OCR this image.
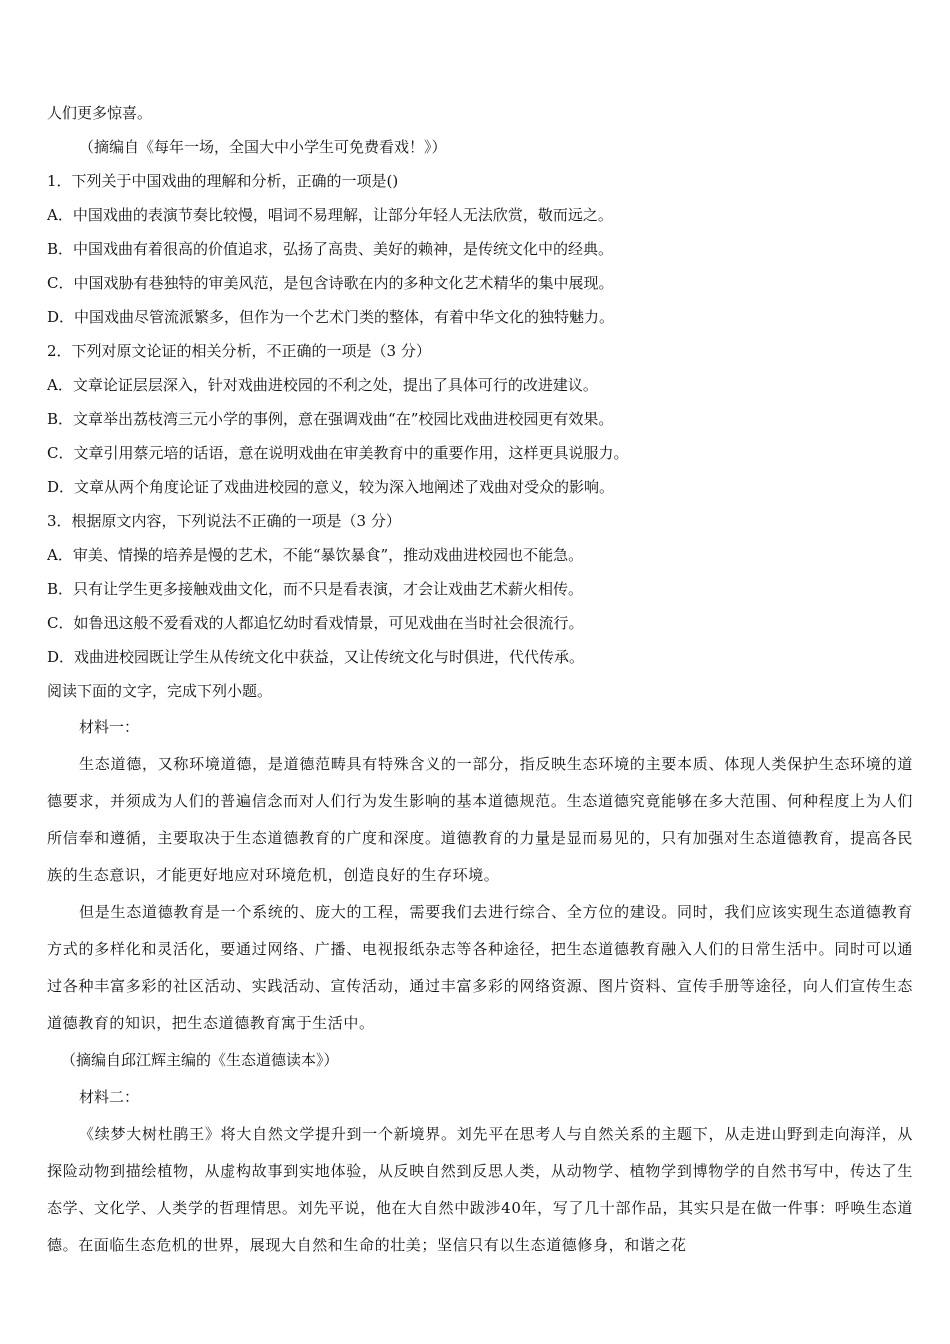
人们更多惊喜。
（摘编自《每年一场，全国大中小学生可免费看戏！》）
1．下列关于中国戏曲的理解和分析，正确的一项是()
A．中国戏曲的表演节奏比较慢，唱词不易理解，让部分年轻人无法欣赏，敬而远之。
B．中国戏曲有着很高的价值追求，弘扬了高贵、美好的赖神，是传统文化中的经典。
C．中国戏胁有巷独特的审美风范，是包含诗歌在内的多种文化艺术精华的集中展现。
D．中国戏曲尽管流派繁多，但作为一个艺术门类的整体，有着中华文化的独特魅力。
2．下列对原文论证的相关分析，不正确的一项是（3 分）
A．文章论证层层深入，针对戏曲进校园的不利之处，提出了具体可行的改进建议。
B．文章举出荔枝湾三元小学的事例，意在强调戏曲“在”校园比戏曲进校园更有效果。
C．文章引用蔡元培的话语，意在说明戏曲在审美教育中的重要作用，这样更具说服力。
D．文章从两个角度论证了戏曲进校园的意义，较为深入地阐述了戏曲对受众的影响。
3．根据原文内容，下列说法不正确的一项是（3 分）
A．审美、情操的培养是慢的艺术，不能“暴饮暴食”，推动戏曲进校园也不能急。
B．只有让学生更多接触戏曲文化，而不只是看表演，才会让戏曲艺术薪火相传。
C．如鲁迅这般不爱看戏的人都追忆幼时看戏情景，可见戏曲在当时社会很流行。
D．戏曲进校园既让学生从传统文化中获益，又让传统文化与时俱进，代代传承。
阅读下面的文字，完成下列小题。
材料一：
生态道德，又称环境道德，是道德范畴具有特殊含义的一部分，指反映生态环境的主要本质、体现人类保护生态环境的道德要求，并须成为人们的普遍信念而对人们行为发生影响的基本道德规范。生态道德究竟能够在多大范围、何种程度上为人们所信奉和遵循，主要取决于生态道德教育的广度和深度。道德教育的力量是显而易见的，只有加强对生态道德教育，提高各民族的生态意识，才能更好地应对环境危机，创造良好的生存环境。
但是生态道德教育是一个系统的、庞大的工程，需要我们去进行综合、全方位的建设。同时，我们应该实现生态道德教育方式的多样化和灵活化，要通过网络、广播、电视报纸杂志等各种途径，把生态道德教育融入人们的日常生活中。同时可以通过各种丰富多彩的社区活动、实践活动、宣传活动，通过丰富多彩的网络资源、图片资料、宣传手册等途径，向人们宣传生态道德教育的知识，把生态道德教育寓于生活中。
（摘编自邱江辉主编的《生态道德读本》）
材料二：
《续梦大树杜鹃王》将大自然文学提升到一个新境界。刘先平在思考人与自然关系的主题下，从走进山野到走向海洋，从探险动物到描绘植物，从虚构故事到实地体验，从反映自然到反思人类，从动物学、植物学到博物学的自然书写中，传达了生态学、文化学、人类学的哲理情思。刘先平说，他在大自然中跋涉40年，写了几十部作品，其实只是在做一件事：呼唤生态道德。在面临生态危机的世界，展现大自然和生命的壮美；坚信只有以生态道德修身，和谐之花
